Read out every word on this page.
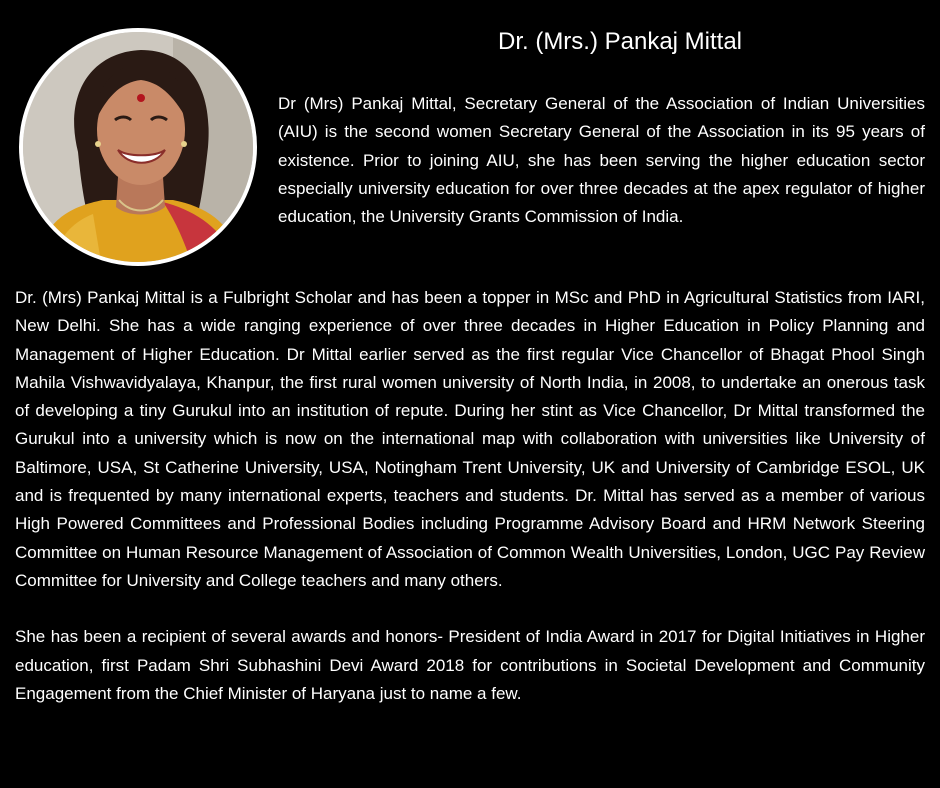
Dr. (Mrs.) Pankaj Mittal

Dr (Mrs) Pankaj Mittal, Secretary General of the Association of Indian Universities (AIU) is the second women Secretary General of the Association in its 95 years of existence. Prior to joining AIU, she has been serving the higher education sector especially university education for over three decades at the apex regulator of higher education, the University Grants Commission of India.

Dr. (Mrs) Pankaj Mittal is a Fulbright Scholar and has been a topper in MSc and PhD in Agricultural Statistics from IARI, New Delhi. She has a wide ranging experience of over three decades in Higher Education in Policy Planning and Management of Higher Education. Dr Mittal earlier served as the first regular Vice Chancellor of Bhagat Phool Singh Mahila Vishwavidyalaya, Khanpur, the first rural women university of North India, in 2008, to undertake an onerous task of developing a tiny Gurukul into an institution of repute. During her stint as Vice Chancellor, Dr Mittal transformed the Gurukul into a university which is now on the international map with collaboration with universities like University of Baltimore, USA, St Catherine University, USA, Notingham Trent University, UK and University of Cambridge ESOL, UK and is frequented by many international experts, teachers and students. Dr. Mittal has served as a member of various High Powered Committees and Professional Bodies including Programme Advisory Board and HRM Network Steering Committee on Human Resource Management of Association of Common Wealth Universities, London, UGC Pay Review Committee for University and College teachers and many others.

She has been a recipient of several awards and honors- President of India Award in 2017 for Digital Initiatives in Higher education, first Padam Shri Subhashini Devi Award 2018 for contributions in Societal Development and Community Engagement from the Chief Minister of Haryana just to name a few.
